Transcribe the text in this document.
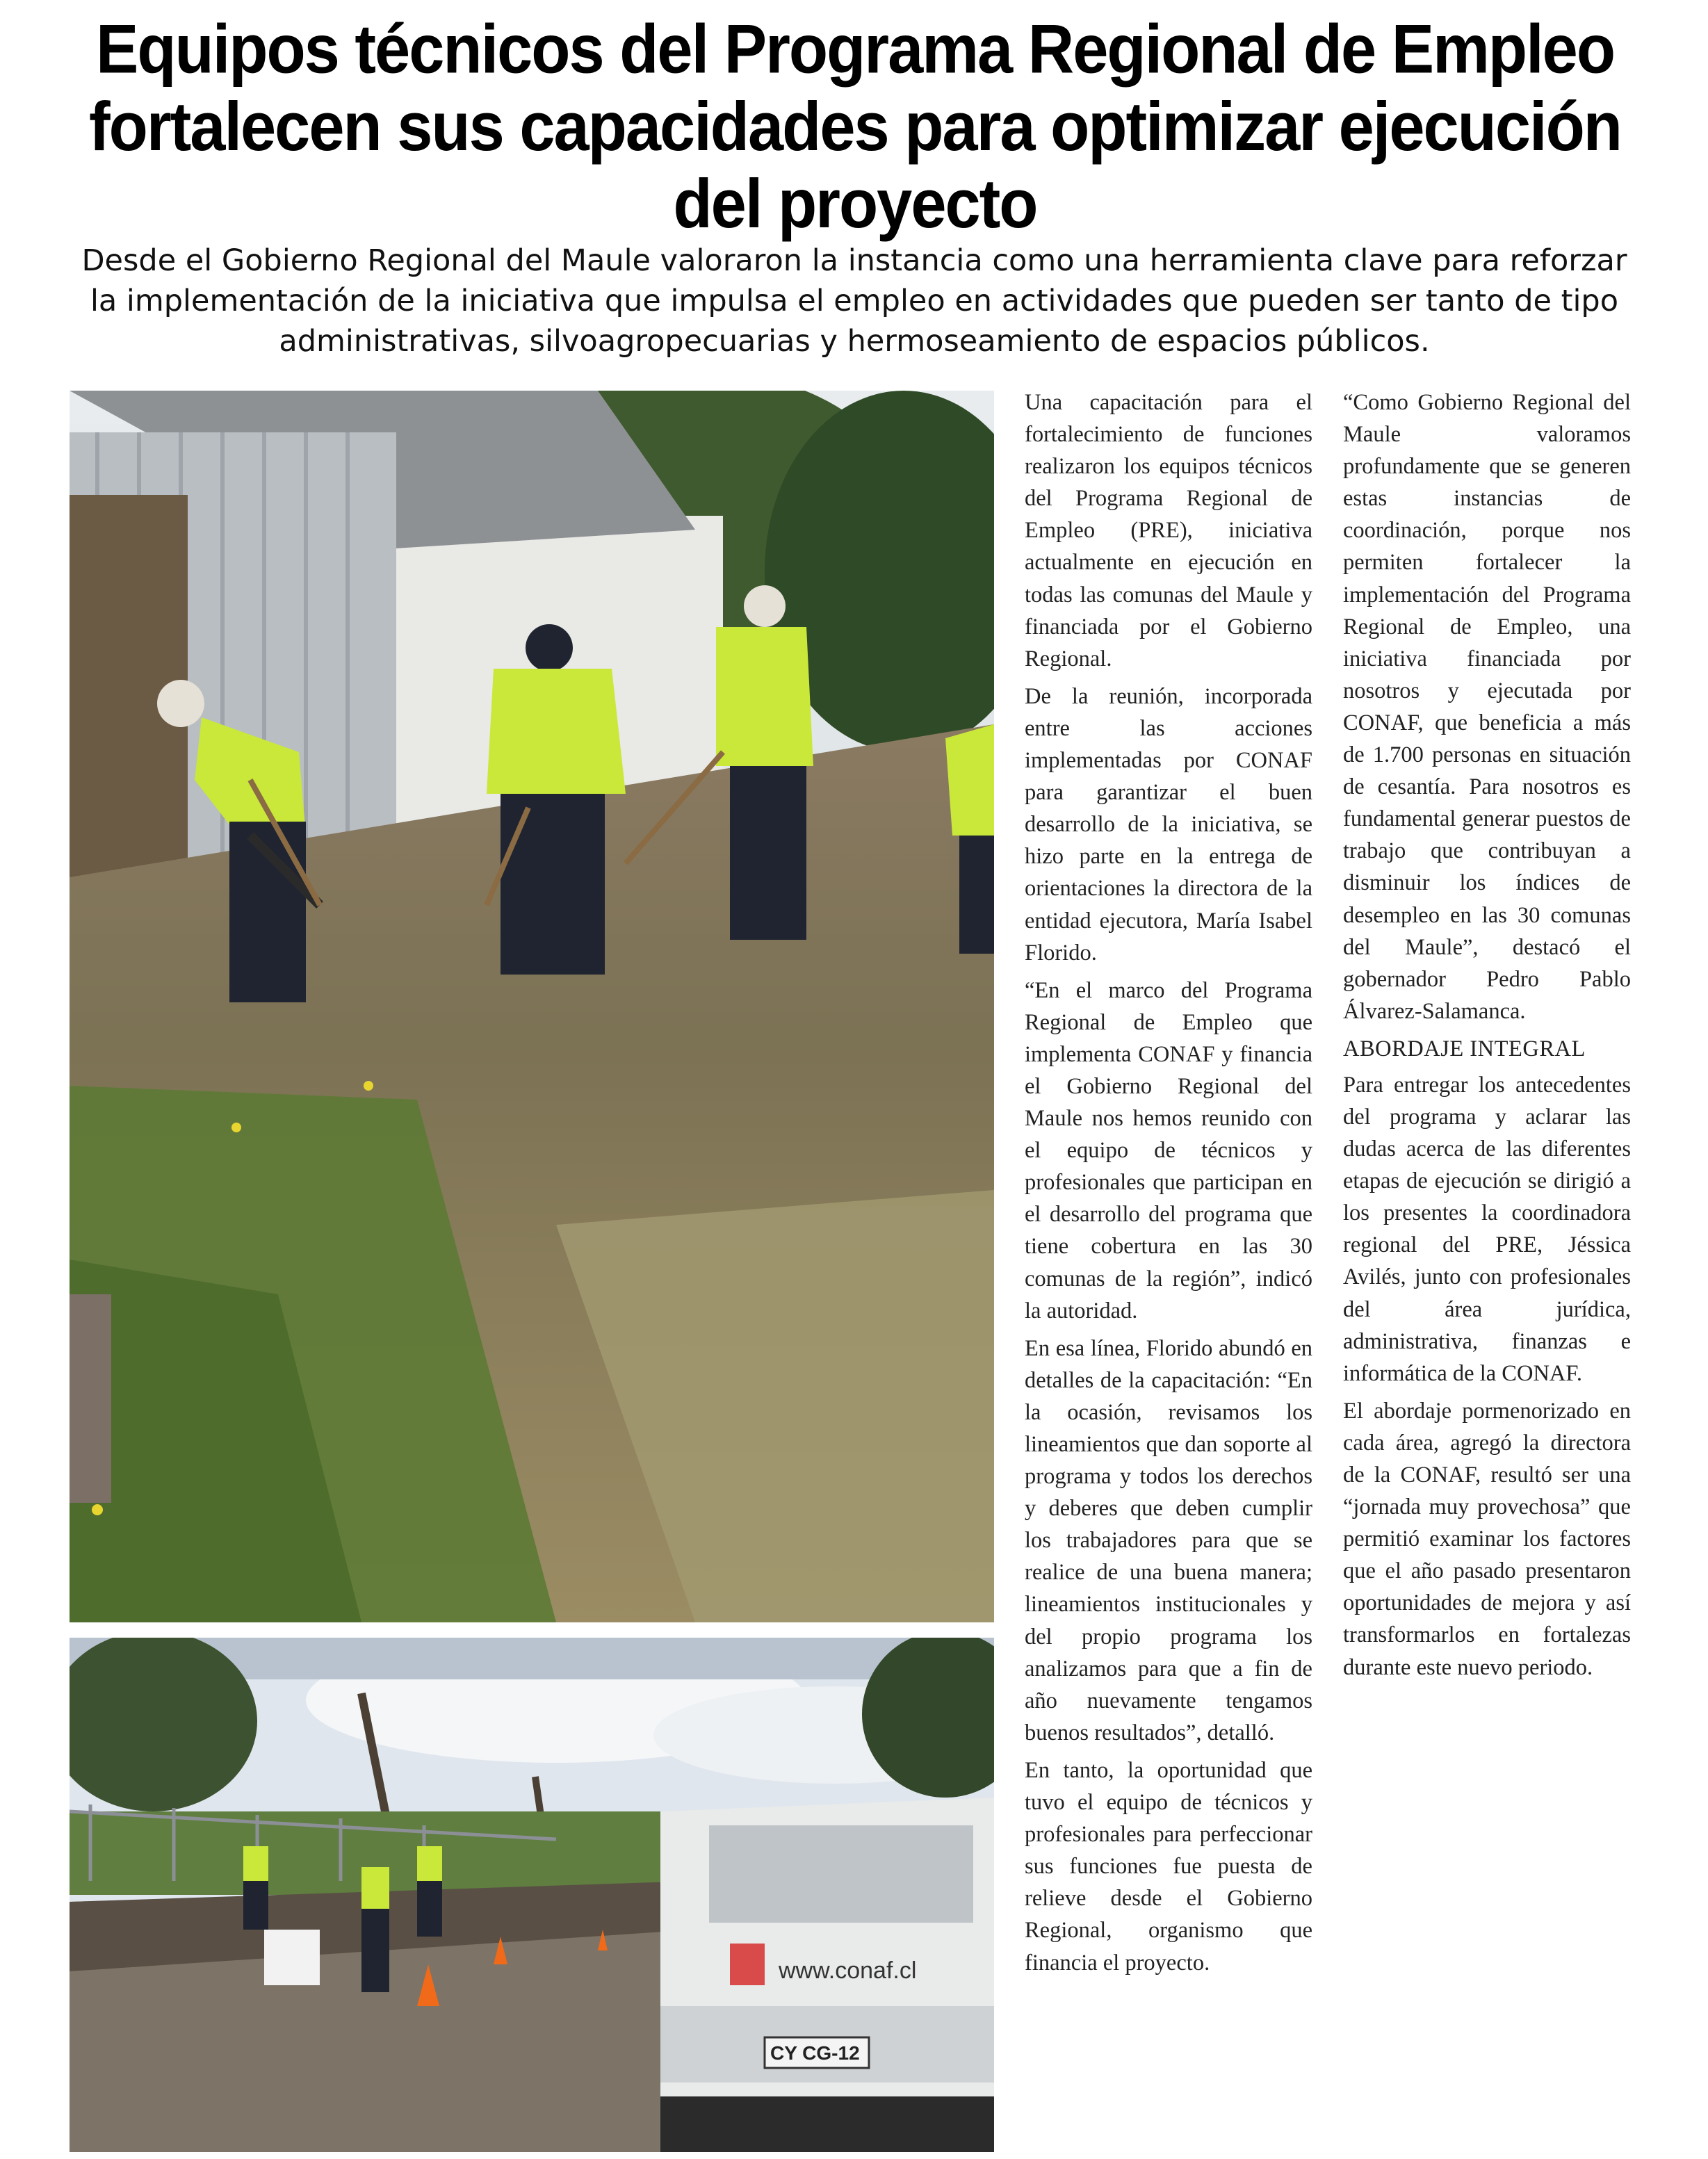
Equipos técnicos del Programa Regional de Empleo fortalecen sus capacidades para optimizar ejecución del proyecto

Desde el Gobierno Regional del Maule valoraron la instancia como una herramienta clave para reforzar la implementación de la iniciativa que impulsa el empleo en actividades que pueden ser tanto de tipo administrativas, silvoagropecuarias y hermoseamiento de espacios públicos.

www.conaf.cl
CY CG-12

Una capacitación para el fortalecimiento de funciones realizaron los equipos técnicos del Programa Regional de Empleo (PRE), iniciativa actualmente en ejecución en todas las comunas del Maule y financiada por el Gobierno Regional.

De la reunión, incorporada entre las acciones implementadas por CONAF para garantizar el buen desarrollo de la iniciativa, se hizo parte en la entrega de orientaciones la directora de la entidad ejecutora, María Isabel Florido.

“En el marco del Programa Regional de Empleo que implementa CONAF y financia el Gobierno Regional del Maule nos hemos reunido con el equipo de técnicos y profesionales que participan en el desarrollo del programa que tiene cobertura en las 30 comunas de la región”, indicó la autoridad.

En esa línea, Florido abundó en detalles de la capacitación: “En la ocasión, revisamos los lineamientos que dan soporte al programa y todos los derechos y deberes que deben cumplir los trabajadores para que se realice de una buena manera; lineamientos institucionales y del propio programa los analizamos para que a fin de año nuevamente tengamos buenos resultados”, detalló.

En tanto, la oportunidad que tuvo el equipo de técnicos y profesionales para perfeccionar sus funciones fue puesta de relieve desde el Gobierno Regional, organismo que financia el proyecto.

“Como Gobierno Regional del Maule valoramos profundamente que se generen estas instancias de coordinación, porque nos permiten fortalecer la implementación del Programa Regional de Empleo, una iniciativa financiada por nosotros y ejecutada por CONAF, que beneficia a más de 1.700 personas en situación de cesantía. Para nosotros es fundamental generar puestos de trabajo que contribuyan a disminuir los índices de desempleo en las 30 comunas del Maule”, destacó el gobernador Pedro Pablo Álvarez-Salamanca.

ABORDAJE INTEGRAL

Para entregar los antecedentes del programa y aclarar las dudas acerca de las diferentes etapas de ejecución se dirigió a los presentes la coordinadora regional del PRE, Jéssica Avilés, junto con profesionales del área jurídica, administrativa, finanzas e informática de la CONAF.

El abordaje pormenorizado en cada área, agregó la directora de la CONAF, resultó ser una “jornada muy provechosa” que permitió examinar los factores que el año pasado presentaron oportunidades de mejora y así transformarlos en fortalezas durante este nuevo periodo.
